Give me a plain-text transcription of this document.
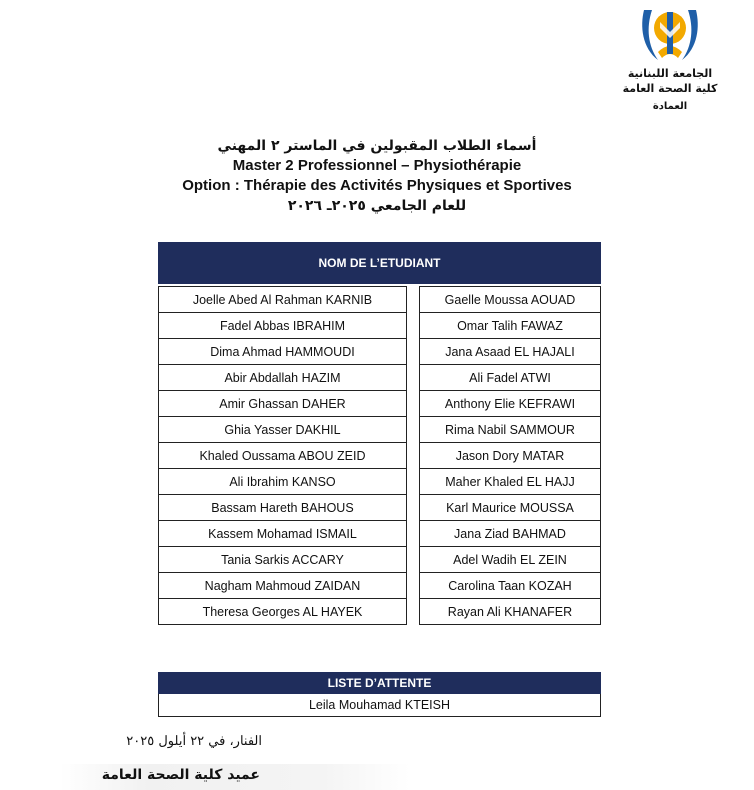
الجامعة اللبنانية
كلية الصحة العامة
العمادة
أسماء الطلاب المقبولين في الماستر ٢ المهني
Master 2 Professionnel – Physiothérapie
Option : Thérapie des Activités Physiques et Sportives
للعام الجامعي ٢٠٢٥ـ ٢٠٢٦
NOM DE L’ETUDIANT		

Joelle Abed Al Rahman KARNIB		Gaelle Moussa AOUAD
Fadel Abbas IBRAHIM		Omar Talih FAWAZ
Dima Ahmad HAMMOUDI		Jana Asaad EL HAJALI
Abir Abdallah HAZIM		Ali Fadel ATWI
Amir Ghassan DAHER		Anthony Elie KEFRAWI
Ghia Yasser DAKHIL		Rima Nabil SAMMOUR
Khaled Oussama ABOU ZEID		Jason Dory MATAR
Ali Ibrahim KANSO		Maher Khaled EL HAJJ
Bassam Hareth BAHOUS		Karl Maurice MOUSSA
Kassem Mohamad ISMAIL		Jana Ziad BAHMAD
Tania Sarkis ACCARY		Adel Wadih EL ZEIN
Nagham Mahmoud ZAIDAN		Carolina Taan KOZAH
Theresa Georges AL HAYEK		Rayan Ali KHANAFER
LISTE D’ATTENTE
Leila Mouhamad KTEISH
الفنار، في ٢٢ أيلول ٢٠٢٥
عميد كلية الصحة العامة
